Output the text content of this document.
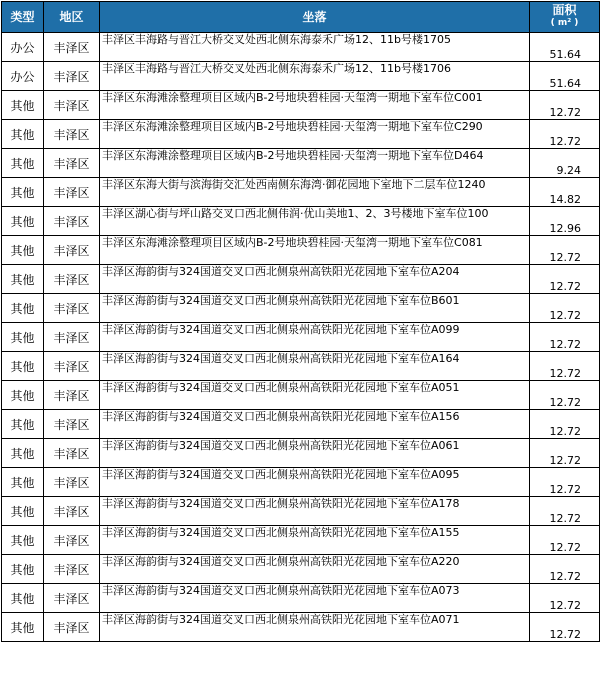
类型	地区	坐落	面积
( m² )

办公	丰泽区	丰泽区丰海路与晋江大桥交叉处西北侧东海泰禾广场12、11b号楼1705	51.64
办公	丰泽区	丰泽区丰海路与晋江大桥交叉处西北侧东海泰禾广场12、11b号楼1706	51.64
其他	丰泽区	丰泽区东海滩涂整理项目区域内B-2号地块碧桂园·天玺湾一期地下室车位C001	12.72
其他	丰泽区	丰泽区东海滩涂整理项目区域内B-2号地块碧桂园·天玺湾一期地下室车位C290	12.72
其他	丰泽区	丰泽区东海滩涂整理项目区域内B-2号地块碧桂园·天玺湾一期地下室车位D464	9.24
其他	丰泽区	丰泽区东海大街与滨海街交汇处西南侧东海湾·御花园地下室地下二层车位1240	14.82
其他	丰泽区	丰泽区湖心街与坪山路交叉口西北侧伟润·优山美地1、2、3号楼地下室车位100	12.96
其他	丰泽区	丰泽区东海滩涂整理项目区域内B-2号地块碧桂园·天玺湾一期地下室车位C081	12.72
其他	丰泽区	丰泽区海韵街与324国道交叉口西北侧泉州高铁阳光花园地下室车位A204	12.72
其他	丰泽区	丰泽区海韵街与324国道交叉口西北侧泉州高铁阳光花园地下室车位B601	12.72
其他	丰泽区	丰泽区海韵街与324国道交叉口西北侧泉州高铁阳光花园地下室车位A099	12.72
其他	丰泽区	丰泽区海韵街与324国道交叉口西北侧泉州高铁阳光花园地下室车位A164	12.72
其他	丰泽区	丰泽区海韵街与324国道交叉口西北侧泉州高铁阳光花园地下室车位A051	12.72
其他	丰泽区	丰泽区海韵街与324国道交叉口西北侧泉州高铁阳光花园地下室车位A156	12.72
其他	丰泽区	丰泽区海韵街与324国道交叉口西北侧泉州高铁阳光花园地下室车位A061	12.72
其他	丰泽区	丰泽区海韵街与324国道交叉口西北侧泉州高铁阳光花园地下室车位A095	12.72
其他	丰泽区	丰泽区海韵街与324国道交叉口西北侧泉州高铁阳光花园地下室车位A178	12.72
其他	丰泽区	丰泽区海韵街与324国道交叉口西北侧泉州高铁阳光花园地下室车位A155	12.72
其他	丰泽区	丰泽区海韵街与324国道交叉口西北侧泉州高铁阳光花园地下室车位A220	12.72
其他	丰泽区	丰泽区海韵街与324国道交叉口西北侧泉州高铁阳光花园地下室车位A073	12.72
其他	丰泽区	丰泽区海韵街与324国道交叉口西北侧泉州高铁阳光花园地下室车位A071	12.72
